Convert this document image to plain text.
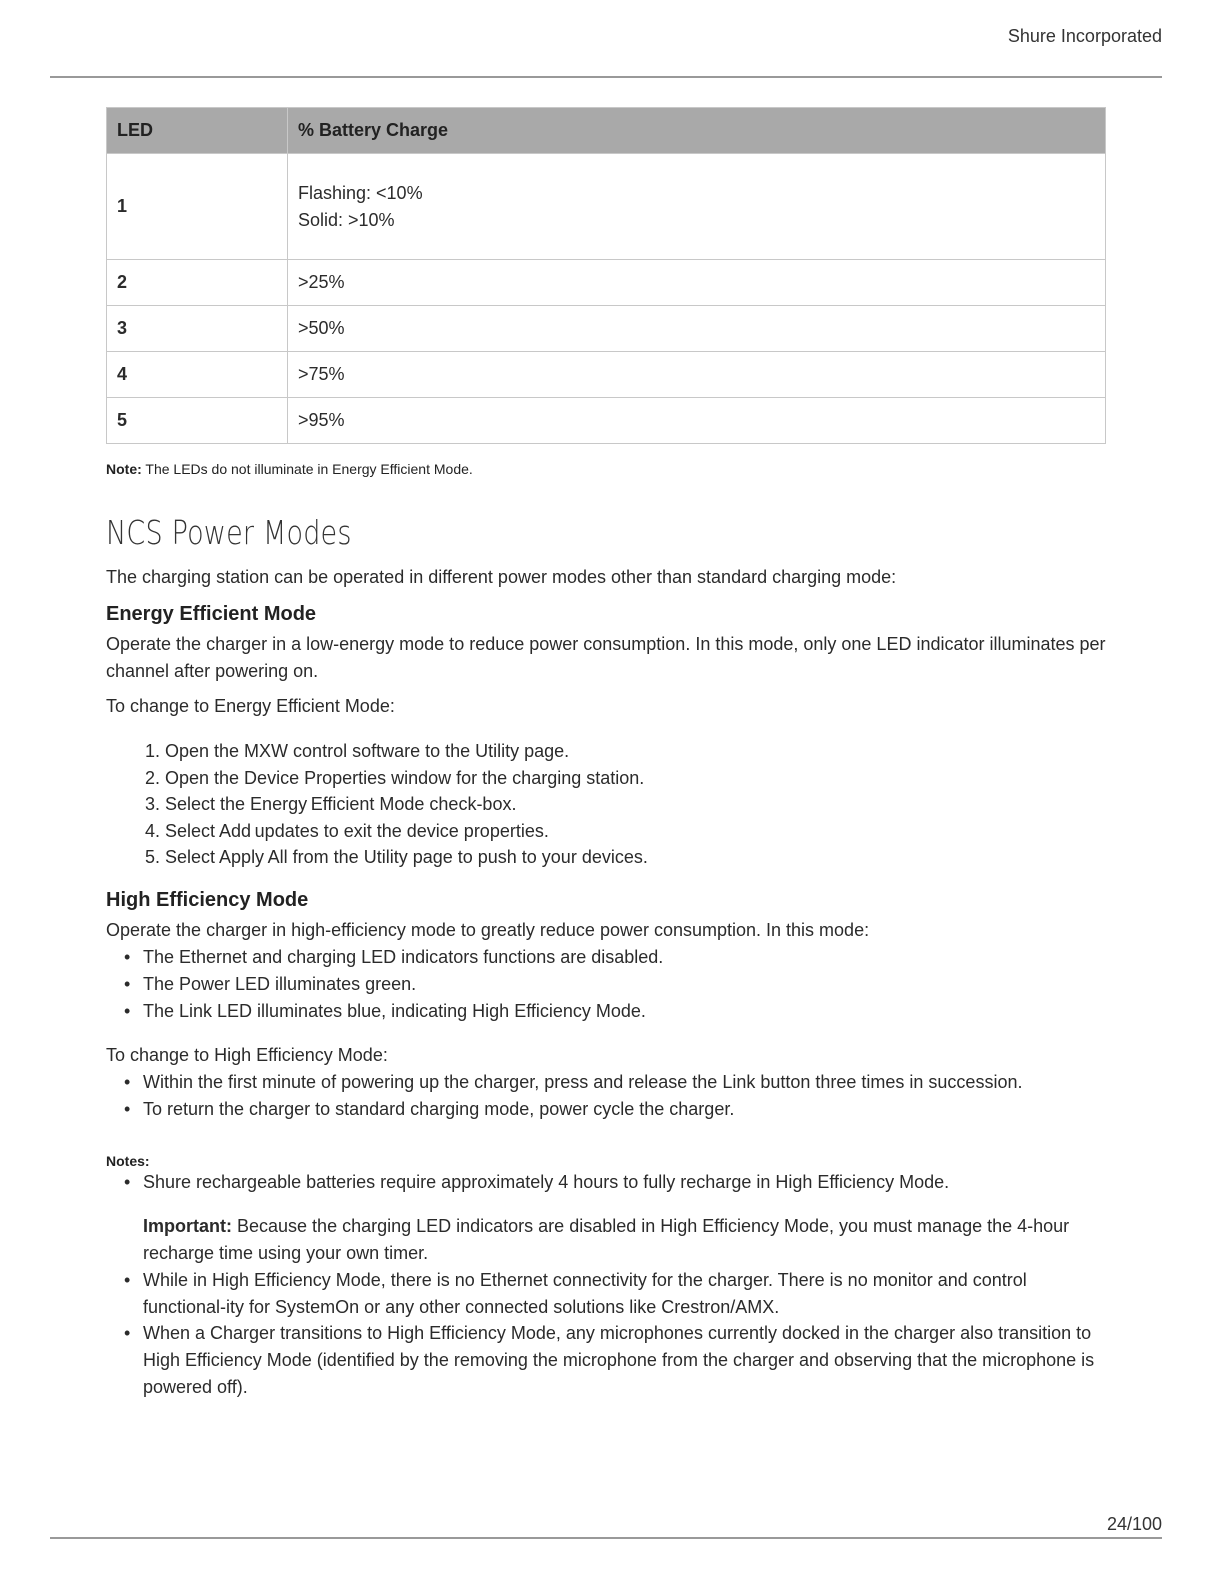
Shure Incorporated
LED	% Battery Charge
1	Flashing: <10%
Solid: >10%

2	>25%
3	>50%
4	>75%
5	>95%
Note: The LEDs do not illuminate in Energy Efficient Mode.
NCS Power Modes

The charging station can be operated in different power modes other than standard charging mode:

Energy Efficient Mode

Operate the charger in a low-energy mode to reduce power consumption. In this mode, only one LED indicator illuminates per channel after powering on.

To change to Energy Efficient Mode:

1. Open the MXW control software to the Utility page.
2. Open the Device Properties window for the charging station.
3. Select the Energy Efficient Mode check-box.
4. Select Add updates to exit the device properties.
5. Select Apply All from the Utility page to push to your devices.
High Efficiency Mode

Operate the charger in high-efficiency mode to greatly reduce power consumption. In this mode:

• The Ethernet and charging LED indicators functions are disabled.
• The Power LED illuminates green.
• The Link LED illuminates blue, indicating High Efficiency Mode.

To change to High Efficiency Mode:

• Within the first minute of powering up the charger, press and release the Link button three times in succession.
• To return the charger to standard charging mode, power cycle the charger.
Notes:
• Shure rechargeable batteries require approximately 4 hours to fully recharge in High Efficiency Mode.

Important: Because the charging LED indicators are disabled in High Efficiency Mode, you must manage the 4-hour recharge time using your own timer.

• While in High Efficiency Mode, there is no Ethernet connectivity for the charger. There is no monitor and control functional-ity for SystemOn or any other connected solutions like Crestron/AMX.
• When a Charger transitions to High Efficiency Mode, any microphones currently docked in the charger also transition to High Efficiency Mode (identified by the removing the microphone from the charger and observing that the microphone is powered off).
24/100
